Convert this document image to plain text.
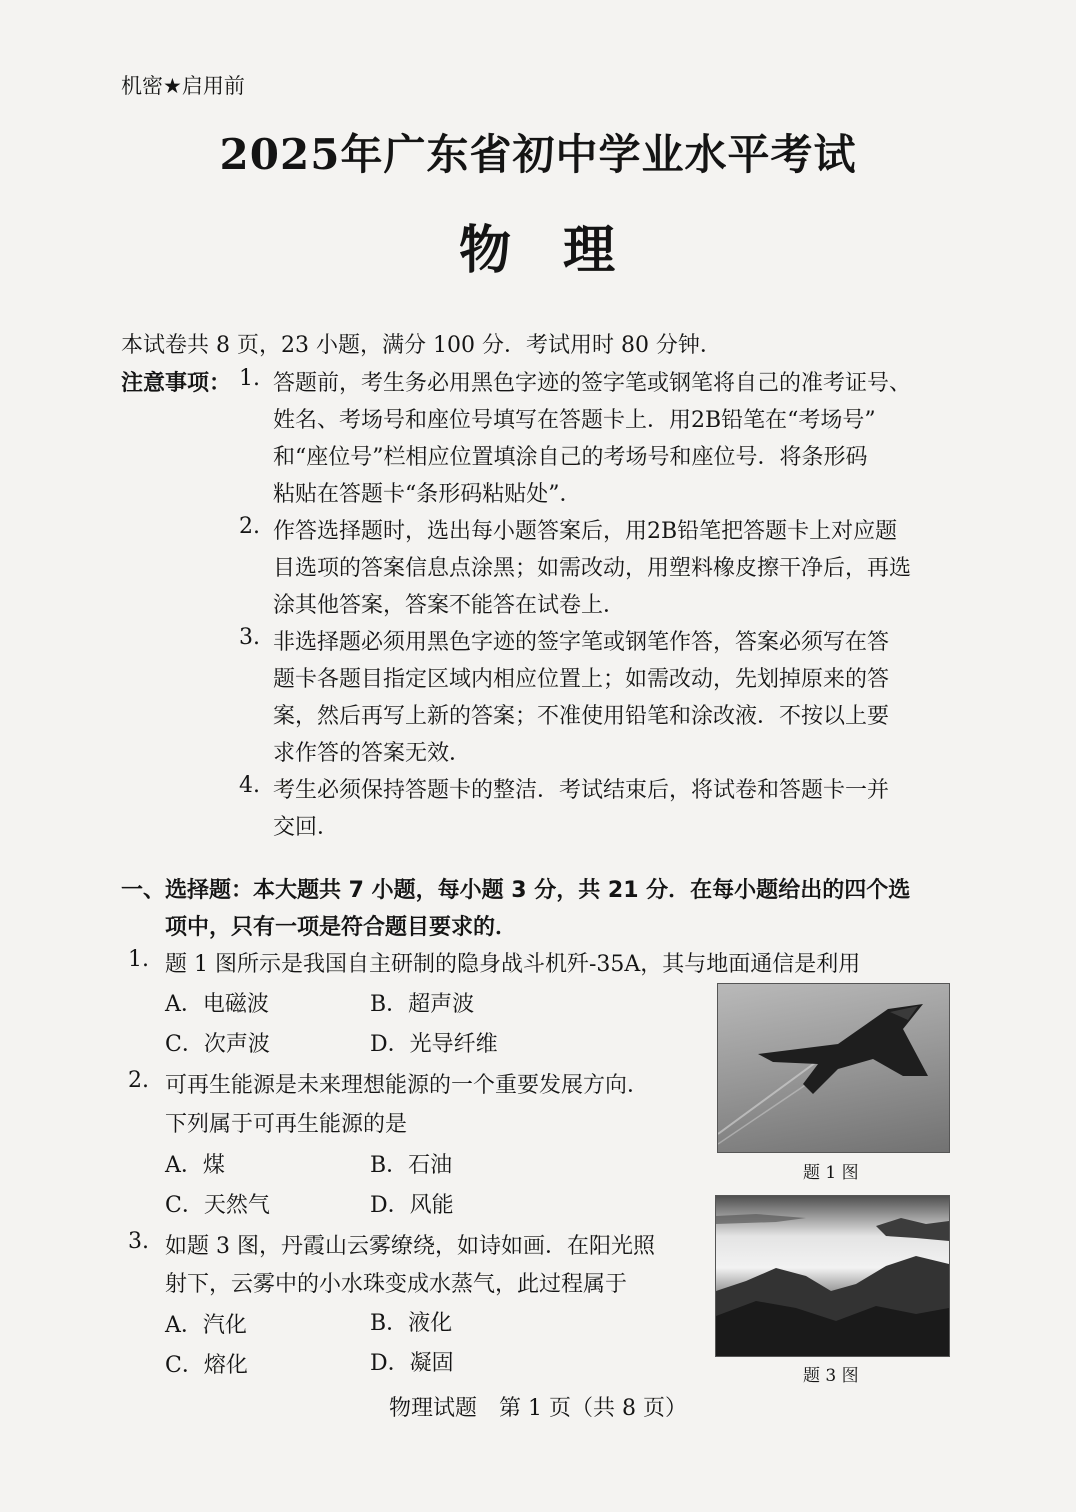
机密★启用前
2025年广东省初中学业水平考试
物 理
本试卷共 8 页，23 小题，满分 100 分．考试用时 80 分钟．
注意事项： 1. 答题前，考生务必用黑色字迹的签字笔或钢笔将自己的准考证号、
姓名、考场号和座位号填写在答题卡上．用2B铅笔在“考场号”
和“座位号”栏相应位置填涂自己的考场号和座位号．将条形码
粘贴在答题卡“条形码粘贴处”．
2. 作答选择题时，选出每小题答案后，用2B铅笔把答题卡上对应题
目选项的答案信息点涂黑；如需改动，用塑料橡皮擦干净后，再选
涂其他答案，答案不能答在试卷上．
3. 非选择题必须用黑色字迹的签字笔或钢笔作答，答案必须写在答
题卡各题目指定区域内相应位置上；如需改动，先划掉原来的答
案，然后再写上新的答案；不准使用铅笔和涂改液．不按以上要
求作答的答案无效．
4. 考生必须保持答题卡的整洁．考试结束后，将试卷和答题卡一并
交回．
一、选择题：本大题共 7 小题，每小题 3 分，共 21 分．在每小题给出的四个选
项中，只有一项是符合题目要求的．
1. 题 1 图所示是我国自主研制的隐身战斗机歼-35A，其与地面通信是利用
A．电磁波	B．超声波
C．次声波	D．光导纤维
2. 可再生能源是未来理想能源的一个重要发展方向．
下列属于可再生能源的是
A．煤	B．石油
C．天然气	D．风能
3. 如题 3 图，丹霞山云雾缭绕，如诗如画．在阳光照
射下，云雾中的小水珠变成水蒸气，此过程属于
A．汽化	B．液化
C．熔化	D．凝固
题 1 图
题 3 图
物理试题　第 1 页（共 8 页）
